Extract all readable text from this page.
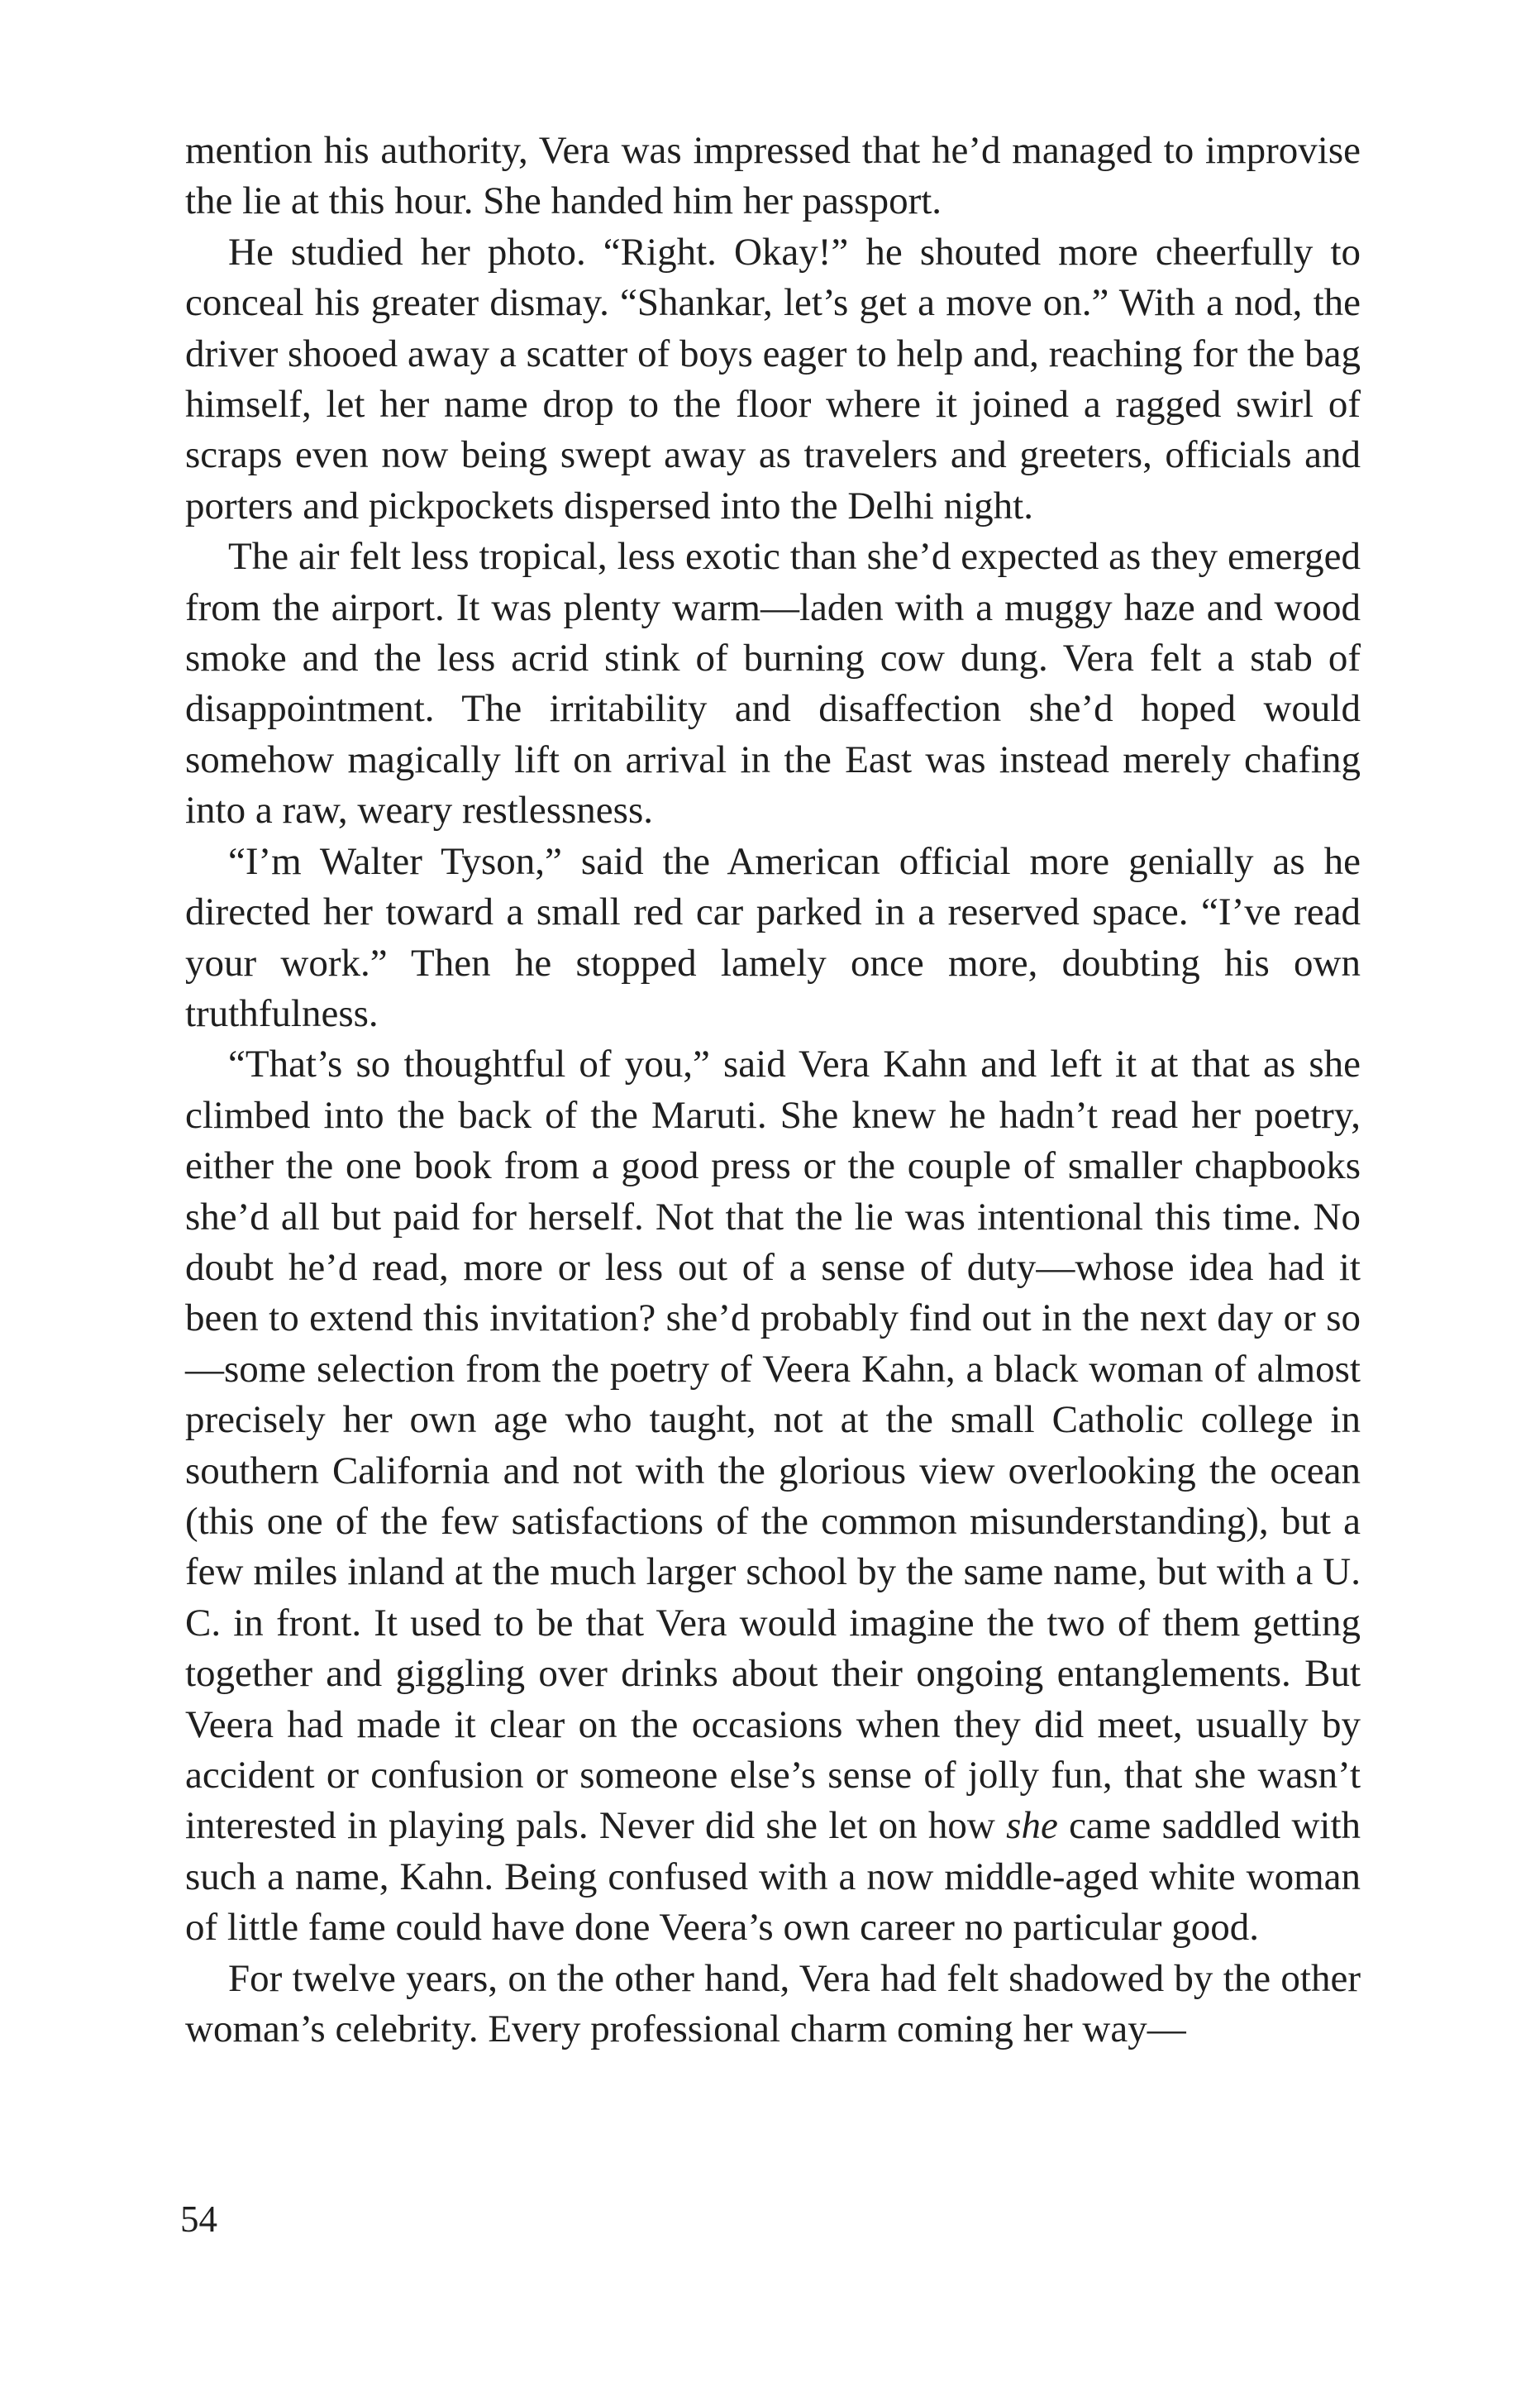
mention his authority, Vera was impressed that he’d managed to improvise the lie at this hour. She handed him her passport.

He studied her photo. “Right. Okay!” he shouted more cheerfully to conceal his greater dismay. “Shankar, let’s get a move on.” With a nod, the driver shooed away a scatter of boys eager to help and, reaching for the bag himself, let her name drop to the floor where it joined a ragged swirl of scraps even now being swept away as travelers and greeters, officials and porters and pickpockets dispersed into the Delhi night.

The air felt less tropical, less exotic than she’d expected as they emerged from the airport. It was plenty warm—laden with a muggy haze and wood smoke and the less acrid stink of burning cow dung. Vera felt a stab of disappointment. The irritability and disaffection she’d hoped would somehow magically lift on arrival in the East was instead merely chafing into a raw, weary restlessness.

“I’m Walter Tyson,” said the American official more genially as he directed her toward a small red car parked in a reserved space. “I’ve read your work.” Then he stopped lamely once more, doubting his own truthfulness.

“That’s so thoughtful of you,” said Vera Kahn and left it at that as she climbed into the back of the Maruti. She knew he hadn’t read her poetry, either the one book from a good press or the couple of smaller chapbooks she’d all but paid for herself. Not that the lie was intentional this time. No doubt he’d read, more or less out of a sense of duty—whose idea had it been to extend this invitation? she’d probably find out in the next day or so—some selection from the poetry of Veera Kahn, a black woman of almost precisely her own age who taught, not at the small Catholic college in southern California and not with the glorious view overlooking the ocean (this one of the few satisfactions of the common misunderstanding), but a few miles inland at the much larger school by the same name, but with a U. C. in front. It used to be that Vera would imagine the two of them getting together and giggling over drinks about their ongoing entanglements. But Veera had made it clear on the occasions when they did meet, usually by accident or confusion or someone else’s sense of jolly fun, that she wasn’t interested in playing pals. Never did she let on how she came saddled with such a name, Kahn. Being confused with a now middle-aged white woman of little fame could have done Veera’s own career no particular good.

For twelve years, on the other hand, Vera had felt shadowed by the other woman’s celebrity. Every professional charm coming her way—

54
